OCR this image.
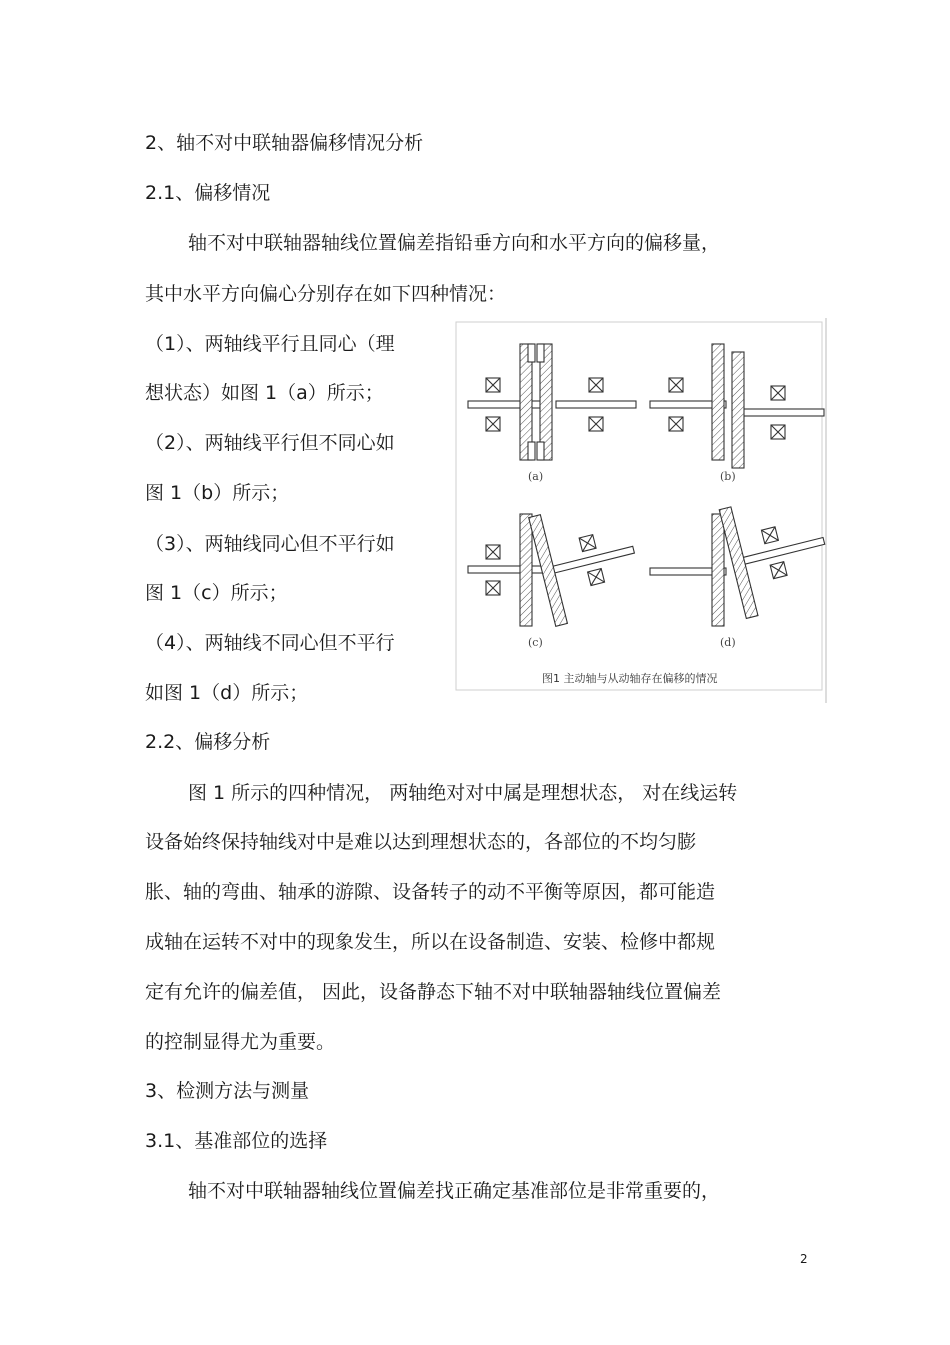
2、轴不对中联轴器偏移情况分析
2.1、偏移情况
轴不对中联轴器轴线位置偏差指铅垂方向和水平方向的偏移量，
其中水平方向偏心分别存在如下四种情况：
（1）、两轴线平行且同心（理
想状态）如图 1（a）所示；
（2）、两轴线平行但不同心如
图 1（b）所示；
（3）、两轴线同心但不平行如
图 1（c）所示；
（4）、两轴线不同心但不平行
如图 1（d）所示；
(a)	(b)
(c)	(d)
图1 主动轴与从动轴存在偏移的情况
2.2、偏移分析
图 1 所示的四种情况， 两轴绝对对中属是理想状态， 对在线运转
设备始终保持轴线对中是难以达到理想状态的，各部位的不均匀膨
胀、轴的弯曲、轴承的游隙、设备转子的动不平衡等原因，都可能造
成轴在运转不对中的现象发生，所以在设备制造、安装、检修中都规
定有允许的偏差值， 因此，设备静态下轴不对中联轴器轴线位置偏差
的控制显得尤为重要。
3、检测方法与测量
3.1、基准部位的选择
轴不对中联轴器轴线位置偏差找正确定基准部位是非常重要的，
2
